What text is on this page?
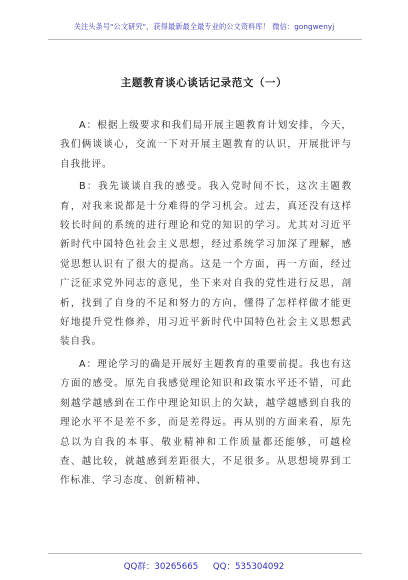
关注头条号"公文研究"，获得最新最全最专业的公文资料库！ 微信：gongwenyj
主题教育谈心谈话记录范文（一）

A：根据上级要求和我们局开展主题教育计划安排，今天，我们俩谈谈心，交流一下对开展主题教育的认识，开展批评与自我批评。

B：我先谈谈自我的感受。我入党时间不长，这次主题教育，对我来说都是十分难得的学习机会。过去，真还没有这样较长时间的系统的进行理论和党的知识的学习。尤其对习近平新时代中国特色社会主义思想，经过系统学习加深了理解，感觉思想认识有了很大的提高。这是一个方面，再一方面，经过广泛征求党外同志的意见，坐下来对自我的党性进行反思，剖析，找到了自身的不足和努力的方向，懂得了怎样样做才能更好地提升党性修养，用习近平新时代中国特色社会主义思想武装自我。

A：理论学习的确是开展好主题教育的重要前提。我也有这方面的感受。原先自我感觉理论知识和政策水平还不错，可此刻越学越感到在工作中理论知识上的欠缺，越学越感到自我的理论水平不是差不多，而是差得远。再从别的方面来看，原先总以为自我的本事、敬业精神和工作质量都还能够，可越检查、越比较，就越感到差距很大，不足很多。从思想境界到工作标准、学习态度、创新精神、

QQ群：30265665 QQ：535304092
